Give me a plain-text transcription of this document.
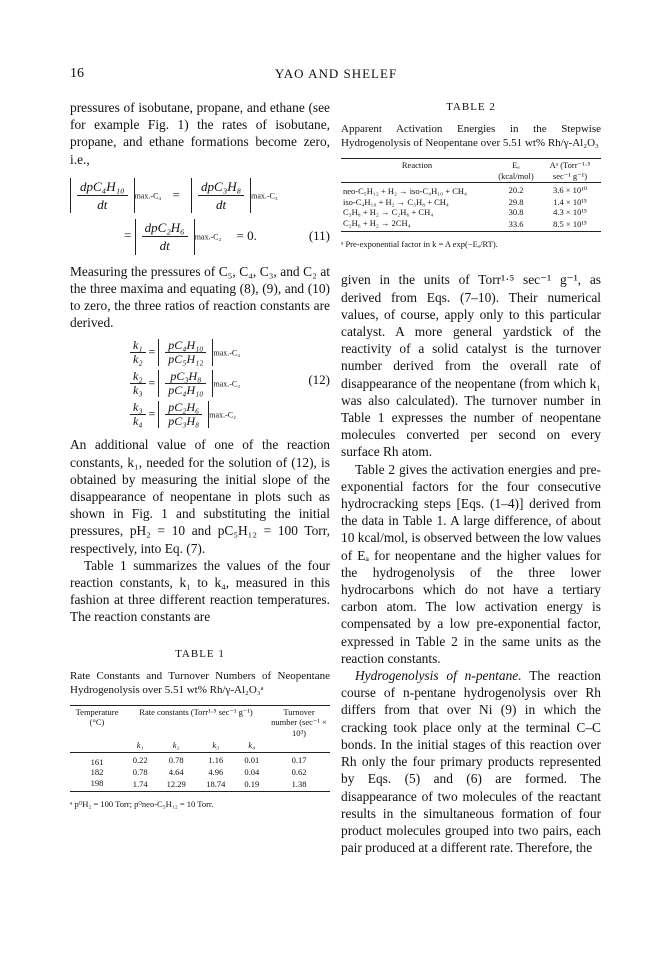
16	YAO AND SHELEF

pressures of isobutane, propane, and ethane (see for example Fig. 1) the rates of isobutane, propane, and ethane formations become zero, i.e.,

$\frac{\text{dpC₄H₁₀}}{dt} \max.-C_4 = \frac{\text{dpC₃H₈}}{dt} \max.-C_3$
= $\frac{\text{dpC₂H₆}}{dt} \max.-C_2 = 0$.	(11)

Measuring the pressures of C₅, C₄, C₃, and C₂ at the three maxima and equating (8), (9), and (10) to zero, the three ratios of reaction constants are derived.

$\frac{\text{k₁}}{\text{k₂}} = \frac{\text{pC₄H₁₀}}{\text{pC₅H₁₂}} \max.-C_4$
$\frac{\text{k₂}}{\text{k₃}} = \frac{\text{pC₃H₈}}{\text{pC₄H₁₀}} \max.-C_3$
$\frac{\text{k₃}}{\text{k₄}} = \frac{\text{pC₂H₆}}{\text{pC₃H₈}} \max.-C_2$
(12)

An additional value of one of the reaction constants, k₁, needed for the solution of (12), is obtained by measuring the initial slope of the disappearance of neopentane in plots such as shown in Fig. 1 and substituting the initial pressures, pH₂ = 10 and pC₅H₁₂ = 100 Torr, respectively, into Eq. (7).

Table 1 summarizes the values of the four reaction constants, k₁ to k₄, measured in this fashion at three different reaction temperatures. The reaction constants are

TABLE 1
Rate Constants and Turnover Numbers of Neopentane Hydrogenolysis over 5.51 wt% Rh/γ-Al₂O₃ᵃ
Temperature (°C)	Rate constants (Torr¹·⁵ sec⁻¹ g⁻¹)				Turnover number (sec⁻¹ × 10³)
	k₁	k₂	k₃	k₄	
161	0.22	0.78	1.16	0.01	0.17
182	0.78	4.64	4.96	0.04	0.62
198	1.74	12.29	18.74	0.19	1.38
ᵃ pᴼH₂ = 100 Torr; pᴼneo-C₅H₁₂ = 10 Torr.
TABLE 2
Apparent Activation Energies in the Stepwise Hydrogenolysis of Neopentane over 5.51 wt% Rh/γ-Al₂O₃
Reaction	Eₐ (kcal/mol)	Aᵃ (Torr⁻¹·⁵ sec⁻¹ g⁻¹)
neo-C₅H₁₂ + H₂ → iso-C₄H₁₀ + CH₄	20.2	3.6 × 10¹⁰
iso-C₄H₁₀ + H₂ → C₃H₈ + CH₄	29.8	1.4 × 10¹⁵
C₃H₈ + H₂ → C₂H₆ + CH₄	30.8	4.3 × 10¹⁵
C₂H₆ + H₂ → 2CH₄	33.6	8.5 × 10¹⁵
ᵃ Pre-exponential factor in k = A exp(−Eₐ/RT).

given in the units of Torr¹·⁵ sec⁻¹ g⁻¹, as derived from Eqs. (7–10). Their numerical values, of course, apply only to this particular catalyst. A more general yardstick of the reactivity of a solid catalyst is the turnover number derived from the overall rate of disappearance of the neopentane (from which k₁ was also calculated). The turnover number in Table 1 expresses the number of neopentane molecules converted per second on every surface Rh atom.

Table 2 gives the activation energies and pre-exponential factors for the four consecutive hydrocracking steps [Eqs. (1–4)] derived from the data in Table 1. A large difference, of about 10 kcal/mol, is observed between the low values of Eₐ for neopentane and the higher values for the hydrogenolysis of the three lower hydrocarbons which do not have a tertiary carbon atom. The low activation energy is compensated by a low pre-exponential factor, expressed in Table 2 in the same units as the reaction constants.

Hydrogenolysis of n-pentane. The reaction course of n-pentane hydrogenolysis over Rh differs from that over Ni (9) in which the cracking took place only at the terminal C–C bonds. In the initial stages of this reaction over Rh only the four primary products represented by Eqs. (5) and (6) are formed. The disappearance of two molecules of the reactant results in the simultaneous formation of four product molecules grouped into two pairs, each pair produced at a different rate. Therefore, the
